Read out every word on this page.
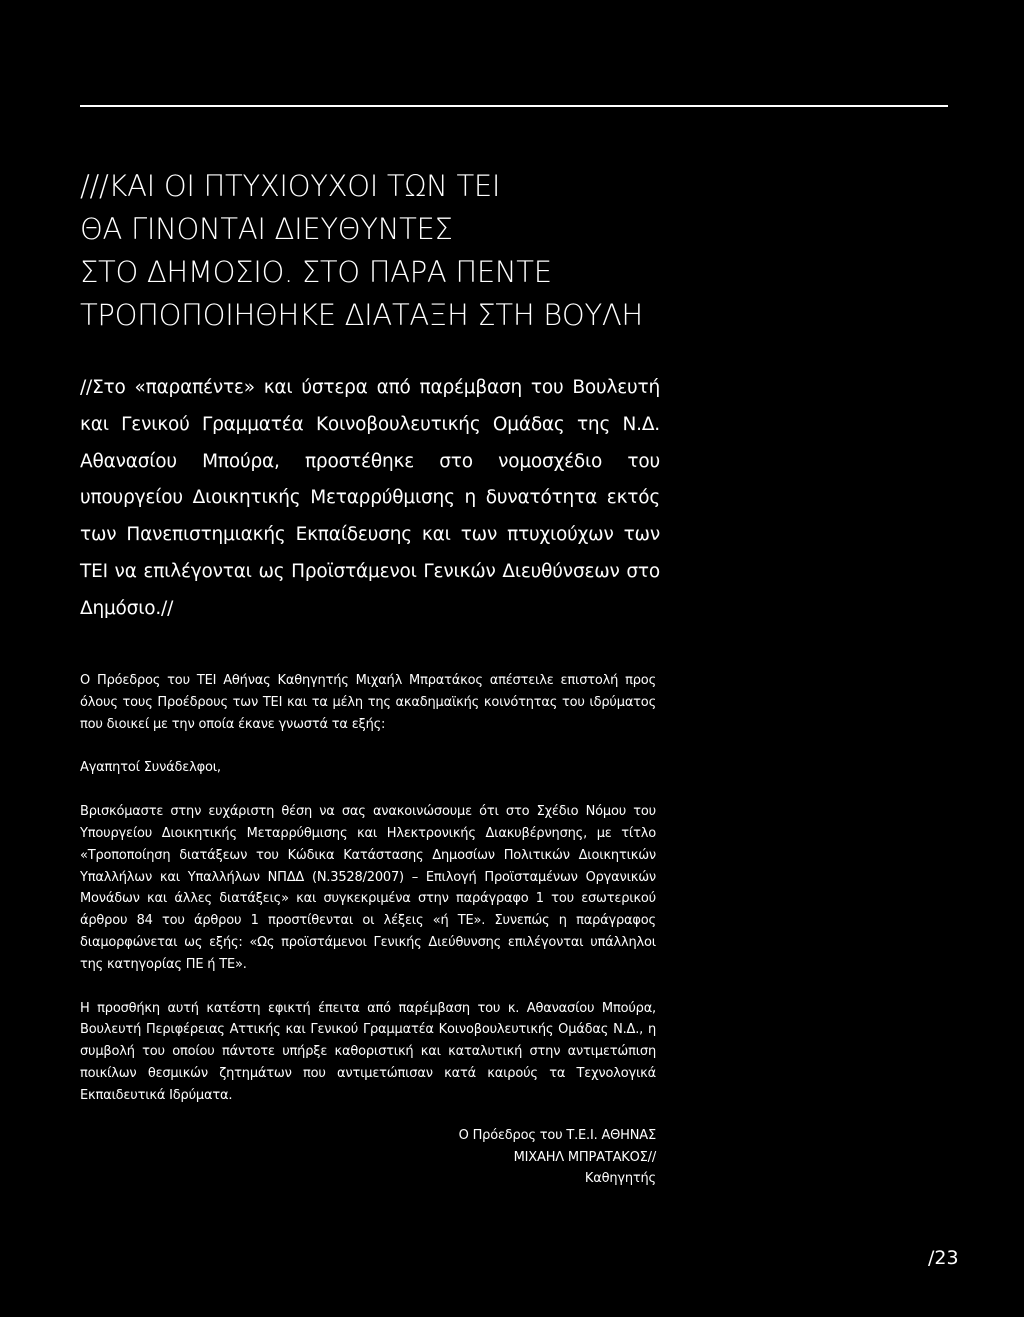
///ΚΑΙ ΟΙ ΠΤΥΧΙΟΥΧΟΙ ΤΩΝ ΤΕΙ
ΘΑ ΓΙΝΟΝΤΑΙ ΔΙΕΥΘΥΝΤΕΣ
ΣΤΟ ΔΗΜΟΣΙΟ. ΣΤΟ ΠΑΡΑ ΠΕΝΤΕ
ΤΡΟΠΟΠΟΙΗΘΗΚΕ ΔΙΑΤΑΞΗ ΣΤΗ ΒΟΥΛΗ
//Στο «παραπέντε» και ύστερα από παρέμβαση του Βουλευτή και Γενικού Γραμματέα Κοινοβουλευτικής Ομάδας της Ν.Δ. Αθανασίου Μπούρα, προστέθηκε στο νομοσχέδιο του υπουργείου Διοικητικής Μεταρρύθμισης η δυνατότητα εκτός των Πανεπιστημιακής Εκπαίδευσης και των πτυχιούχων των ΤΕΙ να επιλέγονται ως Προϊστάμενοι Γενικών Διευθύνσεων στο Δημόσιο.//

Ο Πρόεδρος του ΤΕΙ Αθήνας Καθηγητής Μιχαήλ Μπρατάκος απέστειλε επιστολή προς όλους τους Προέδρους των ΤΕΙ και τα μέλη της ακαδημαϊκής κοινότητας του ιδρύματος που διοικεί με την οποία έκανε γνωστά τα εξής:

Αγαπητοί Συνάδελφοι,

Βρισκόμαστε στην ευχάριστη θέση να σας ανακοινώσουμε ότι στο Σχέδιο Νόμου του Υπουργείου Διοικητικής Μεταρρύθμισης και Ηλεκτρονικής Διακυβέρνησης, με τίτλο «Τροποποίηση διατάξεων του Κώδικα Κατάστασης Δημοσίων Πολιτικών Διοικητικών Υπαλλήλων και Υπαλλήλων ΝΠΔΔ (Ν.3528/2007) – Επιλογή Προϊσταμένων Οργανικών Μονάδων και άλλες διατάξεις» και συγκεκριμένα στην παράγραφο 1 του εσωτερικού άρθρου 84 του άρθρου 1 προστίθενται οι λέξεις «ή ΤΕ». Συνεπώς η παράγραφος διαμορφώνεται ως εξής: «Ως προϊστάμενοι Γενικής Διεύθυνσης επιλέγονται υπάλληλοι της κατηγορίας ΠΕ ή ΤΕ».

Η προσθήκη αυτή κατέστη εφικτή έπειτα από παρέμβαση του κ. Αθανασίου Μπούρα, Βουλευτή Περιφέρειας Αττικής και Γενικού Γραμματέα Κοινοβουλευτικής Ομάδας Ν.Δ., η συμβολή του οποίου πάντοτε υπήρξε καθοριστική και καταλυτική στην αντιμετώπιση ποικίλων θεσμικών ζητημάτων που αντιμετώπισαν κατά καιρούς τα Τεχνολογικά Εκπαιδευτικά Ιδρύματα.

Ο Πρόεδρος του Τ.Ε.Ι. ΑΘΗΝΑΣ
ΜΙΧΑΗΛ ΜΠΡΑΤΑΚΟΣ//
Καθηγητής
/23
